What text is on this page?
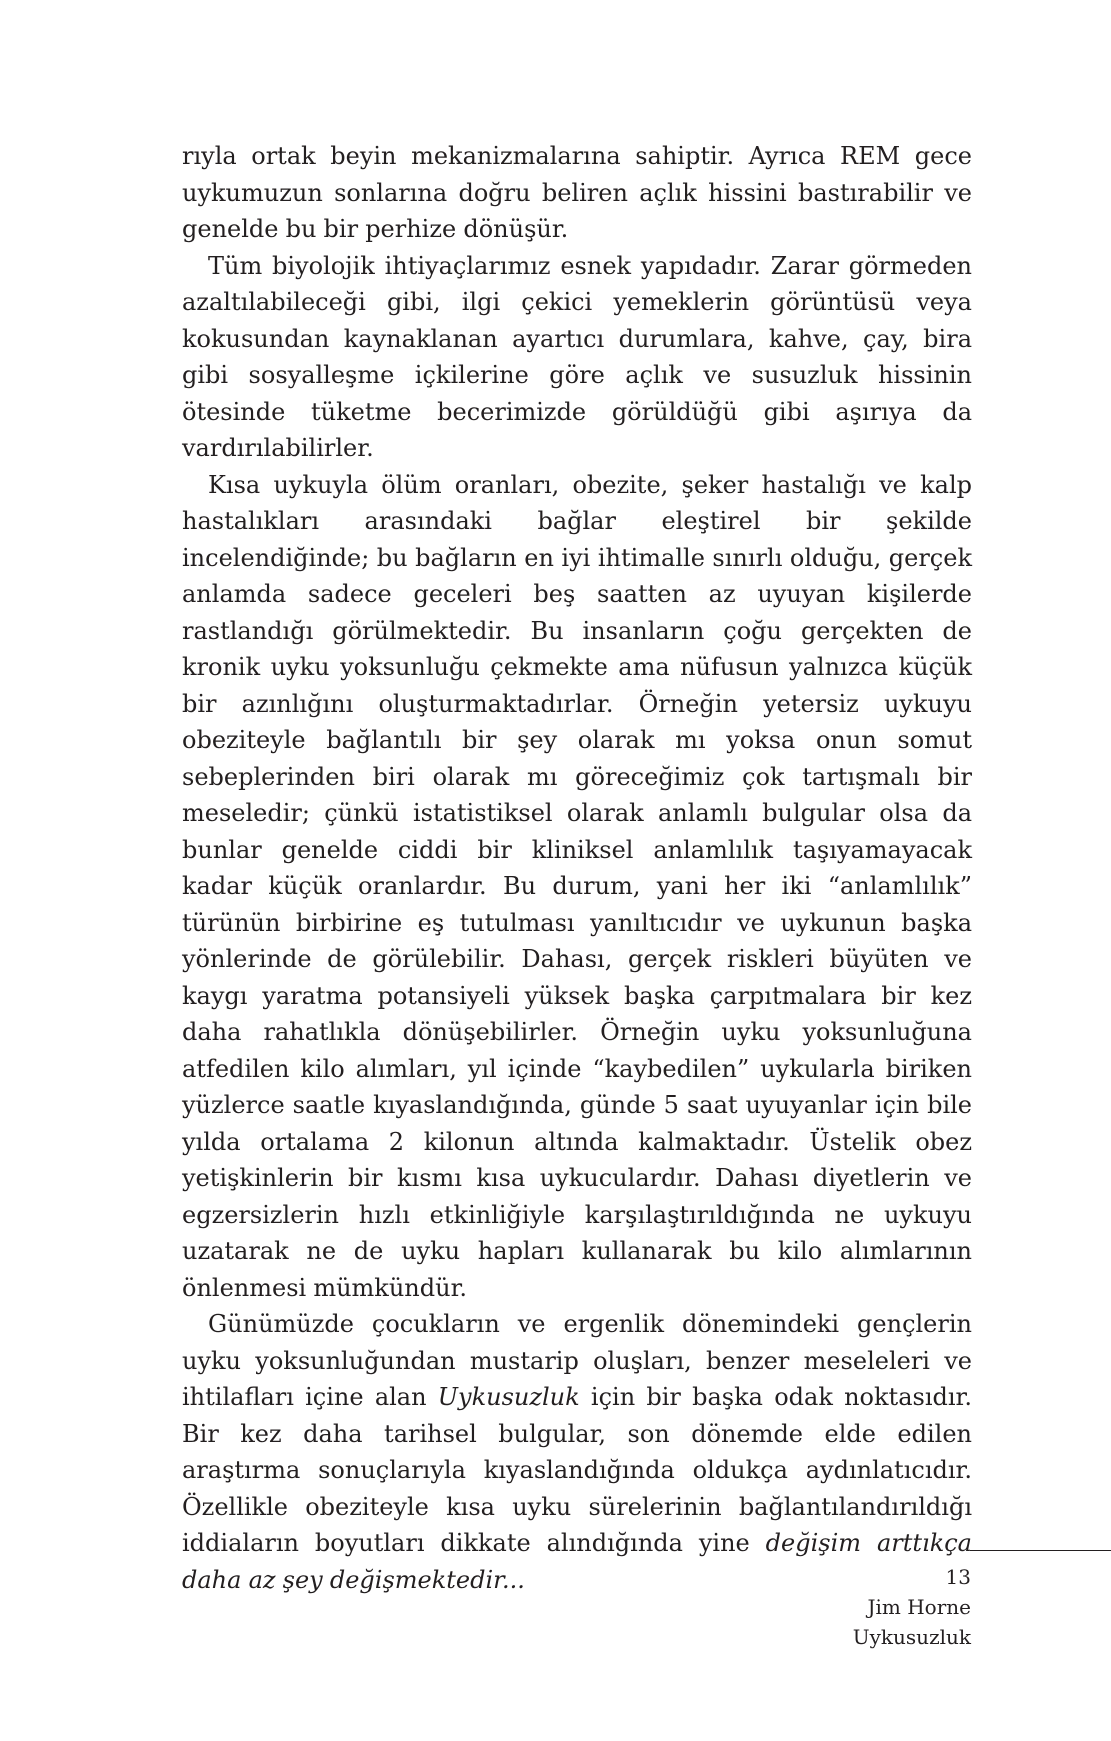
rıyla ortak beyin mekanizmalarına sahiptir. Ayrıca REM gece uykumuzun sonlarına doğru beliren açlık hissini bastırabilir ve genelde bu bir perhize dönüşür.

Tüm biyolojik ihtiyaçlarımız esnek yapıdadır. Zarar görmeden azaltılabileceği gibi, ilgi çekici yemeklerin görüntüsü veya kokusundan kaynaklanan ayartıcı durumlara, kahve, çay, bira gibi sosyalleşme içkilerine göre açlık ve susuzluk hissinin ötesinde tüketme becerimizde görüldüğü gibi aşırıya da vardırılabilirler.

Kısa uykuyla ölüm oranları, obezite, şeker hastalığı ve kalp hastalıkları arasındaki bağlar eleştirel bir şekilde incelendiğinde; bu bağların en iyi ihtimalle sınırlı olduğu, gerçek anlamda sadece geceleri beş saatten az uyuyan kişilerde rastlandığı görülmektedir. Bu insanların çoğu gerçekten de kronik uyku yoksunluğu çekmekte ama nüfusun yalnızca küçük bir azınlığını oluşturmaktadırlar. Örneğin yetersiz uykuyu obeziteyle bağlantılı bir şey olarak mı yoksa onun somut sebeplerinden biri olarak mı göreceğimiz çok tartışmalı bir meseledir; çünkü istatistiksel olarak anlamlı bulgular olsa da bunlar genelde ciddi bir kliniksel anlamlılık taşıyamayacak kadar küçük oranlardır. Bu durum, yani her iki “anlamlılık” türünün birbirine eş tutulması yanıltıcıdır ve uykunun başka yönlerinde de görülebilir. Dahası, gerçek riskleri büyüten ve kaygı yaratma potansiyeli yüksek başka çarpıtmalara bir kez daha rahatlıkla dönüşebilirler. Örneğin uyku yoksunluğuna atfedilen kilo alımları, yıl içinde “kaybedilen” uykularla biriken yüzlerce saatle kıyaslandığında, günde 5 saat uyuyanlar için bile yılda ortalama 2 kilonun altında kalmaktadır. Üstelik obez yetişkinlerin bir kısmı kısa uykuculardır. Dahası diyetlerin ve egzersizlerin hızlı etkinliğiyle karşılaştırıldığında ne uykuyu uzatarak ne de uyku hapları kullanarak bu kilo alımlarının önlenmesi mümkündür.

Günümüzde çocukların ve ergenlik dönemindeki gençlerin uyku yoksunluğundan mustarip oluşları, benzer meseleleri ve ihtilafları içine alan Uykusuzluk için bir başka odak noktasıdır. Bir kez daha tarihsel bulgular, son dönemde elde edilen araştırma sonuçlarıyla kıyaslandığında oldukça aydınlatıcıdır. Özellikle obeziteyle kısa uyku sürelerinin bağlantılandırıldığı iddiaların boyutları dikkate alındığında yine değişim arttıkça daha az şey değişmektedir...	13
Jim Horne
Uykusuzluk
